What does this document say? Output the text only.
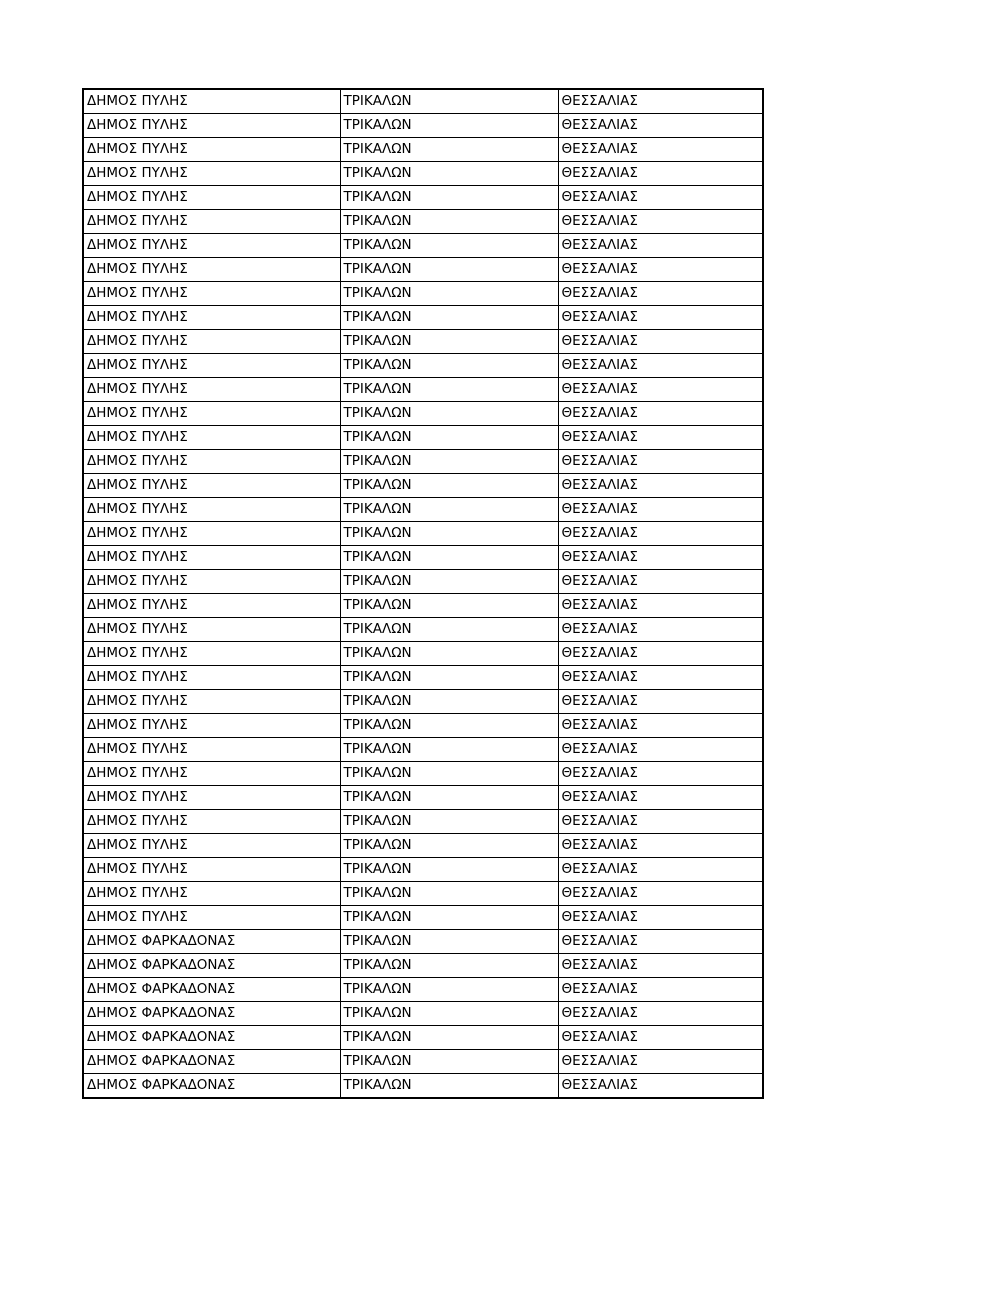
ΔΗΜΟΣ ΠΥΛΗΣ	ΤΡΙΚΑΛΩΝ	ΘΕΣΣΑΛΙΑΣ
ΔΗΜΟΣ ΠΥΛΗΣ	ΤΡΙΚΑΛΩΝ	ΘΕΣΣΑΛΙΑΣ
ΔΗΜΟΣ ΠΥΛΗΣ	ΤΡΙΚΑΛΩΝ	ΘΕΣΣΑΛΙΑΣ
ΔΗΜΟΣ ΠΥΛΗΣ	ΤΡΙΚΑΛΩΝ	ΘΕΣΣΑΛΙΑΣ
ΔΗΜΟΣ ΠΥΛΗΣ	ΤΡΙΚΑΛΩΝ	ΘΕΣΣΑΛΙΑΣ
ΔΗΜΟΣ ΠΥΛΗΣ	ΤΡΙΚΑΛΩΝ	ΘΕΣΣΑΛΙΑΣ
ΔΗΜΟΣ ΠΥΛΗΣ	ΤΡΙΚΑΛΩΝ	ΘΕΣΣΑΛΙΑΣ
ΔΗΜΟΣ ΠΥΛΗΣ	ΤΡΙΚΑΛΩΝ	ΘΕΣΣΑΛΙΑΣ
ΔΗΜΟΣ ΠΥΛΗΣ	ΤΡΙΚΑΛΩΝ	ΘΕΣΣΑΛΙΑΣ
ΔΗΜΟΣ ΠΥΛΗΣ	ΤΡΙΚΑΛΩΝ	ΘΕΣΣΑΛΙΑΣ
ΔΗΜΟΣ ΠΥΛΗΣ	ΤΡΙΚΑΛΩΝ	ΘΕΣΣΑΛΙΑΣ
ΔΗΜΟΣ ΠΥΛΗΣ	ΤΡΙΚΑΛΩΝ	ΘΕΣΣΑΛΙΑΣ
ΔΗΜΟΣ ΠΥΛΗΣ	ΤΡΙΚΑΛΩΝ	ΘΕΣΣΑΛΙΑΣ
ΔΗΜΟΣ ΠΥΛΗΣ	ΤΡΙΚΑΛΩΝ	ΘΕΣΣΑΛΙΑΣ
ΔΗΜΟΣ ΠΥΛΗΣ	ΤΡΙΚΑΛΩΝ	ΘΕΣΣΑΛΙΑΣ
ΔΗΜΟΣ ΠΥΛΗΣ	ΤΡΙΚΑΛΩΝ	ΘΕΣΣΑΛΙΑΣ
ΔΗΜΟΣ ΠΥΛΗΣ	ΤΡΙΚΑΛΩΝ	ΘΕΣΣΑΛΙΑΣ
ΔΗΜΟΣ ΠΥΛΗΣ	ΤΡΙΚΑΛΩΝ	ΘΕΣΣΑΛΙΑΣ
ΔΗΜΟΣ ΠΥΛΗΣ	ΤΡΙΚΑΛΩΝ	ΘΕΣΣΑΛΙΑΣ
ΔΗΜΟΣ ΠΥΛΗΣ	ΤΡΙΚΑΛΩΝ	ΘΕΣΣΑΛΙΑΣ
ΔΗΜΟΣ ΠΥΛΗΣ	ΤΡΙΚΑΛΩΝ	ΘΕΣΣΑΛΙΑΣ
ΔΗΜΟΣ ΠΥΛΗΣ	ΤΡΙΚΑΛΩΝ	ΘΕΣΣΑΛΙΑΣ
ΔΗΜΟΣ ΠΥΛΗΣ	ΤΡΙΚΑΛΩΝ	ΘΕΣΣΑΛΙΑΣ
ΔΗΜΟΣ ΠΥΛΗΣ	ΤΡΙΚΑΛΩΝ	ΘΕΣΣΑΛΙΑΣ
ΔΗΜΟΣ ΠΥΛΗΣ	ΤΡΙΚΑΛΩΝ	ΘΕΣΣΑΛΙΑΣ
ΔΗΜΟΣ ΠΥΛΗΣ	ΤΡΙΚΑΛΩΝ	ΘΕΣΣΑΛΙΑΣ
ΔΗΜΟΣ ΠΥΛΗΣ	ΤΡΙΚΑΛΩΝ	ΘΕΣΣΑΛΙΑΣ
ΔΗΜΟΣ ΠΥΛΗΣ	ΤΡΙΚΑΛΩΝ	ΘΕΣΣΑΛΙΑΣ
ΔΗΜΟΣ ΠΥΛΗΣ	ΤΡΙΚΑΛΩΝ	ΘΕΣΣΑΛΙΑΣ
ΔΗΜΟΣ ΠΥΛΗΣ	ΤΡΙΚΑΛΩΝ	ΘΕΣΣΑΛΙΑΣ
ΔΗΜΟΣ ΠΥΛΗΣ	ΤΡΙΚΑΛΩΝ	ΘΕΣΣΑΛΙΑΣ
ΔΗΜΟΣ ΠΥΛΗΣ	ΤΡΙΚΑΛΩΝ	ΘΕΣΣΑΛΙΑΣ
ΔΗΜΟΣ ΠΥΛΗΣ	ΤΡΙΚΑΛΩΝ	ΘΕΣΣΑΛΙΑΣ
ΔΗΜΟΣ ΠΥΛΗΣ	ΤΡΙΚΑΛΩΝ	ΘΕΣΣΑΛΙΑΣ
ΔΗΜΟΣ ΠΥΛΗΣ	ΤΡΙΚΑΛΩΝ	ΘΕΣΣΑΛΙΑΣ
ΔΗΜΟΣ ΦΑΡΚΑΔΟΝΑΣ	ΤΡΙΚΑΛΩΝ	ΘΕΣΣΑΛΙΑΣ
ΔΗΜΟΣ ΦΑΡΚΑΔΟΝΑΣ	ΤΡΙΚΑΛΩΝ	ΘΕΣΣΑΛΙΑΣ
ΔΗΜΟΣ ΦΑΡΚΑΔΟΝΑΣ	ΤΡΙΚΑΛΩΝ	ΘΕΣΣΑΛΙΑΣ
ΔΗΜΟΣ ΦΑΡΚΑΔΟΝΑΣ	ΤΡΙΚΑΛΩΝ	ΘΕΣΣΑΛΙΑΣ
ΔΗΜΟΣ ΦΑΡΚΑΔΟΝΑΣ	ΤΡΙΚΑΛΩΝ	ΘΕΣΣΑΛΙΑΣ
ΔΗΜΟΣ ΦΑΡΚΑΔΟΝΑΣ	ΤΡΙΚΑΛΩΝ	ΘΕΣΣΑΛΙΑΣ
ΔΗΜΟΣ ΦΑΡΚΑΔΟΝΑΣ	ΤΡΙΚΑΛΩΝ	ΘΕΣΣΑΛΙΑΣ
